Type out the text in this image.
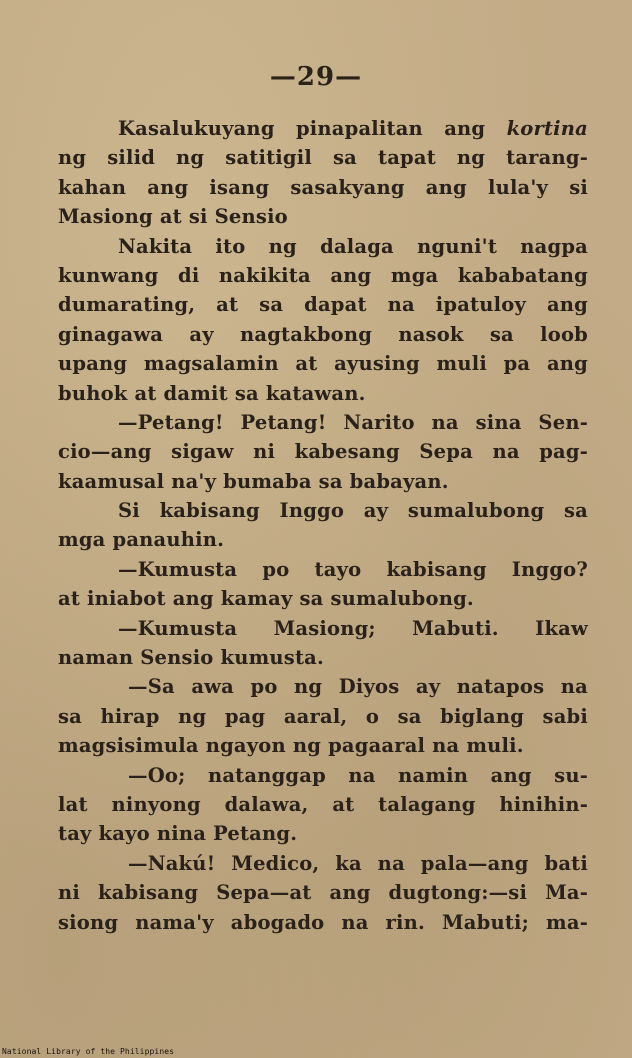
—29—
Kasalukuyang pinapalitan ang kortina
ng silid ng satitigil sa tapat ng tarang-
kahan ang isang sasakyang ang lula'y si
Masiong at si Sensio
Nakita ito ng dalaga nguni't nagpa
kunwang di nakikita ang mga kababatang
dumarating, at sa dapat na ipatuloy ang
ginagawa ay nagtakbong nasok sa loob
upang magsalamin at ayusing muli pa ang
buhok at damit sa katawan.
—Petang! Petang! Narito na sina Sen-
cio—ang sigaw ni kabesang Sepa na pag-
kaamusal na'y bumaba sa babayan.
Si kabisang Inggo ay sumalubong sa
mga panauhin.
—Kumusta po tayo kabisang Inggo?
at iniabot ang kamay sa sumalubong.
—Kumusta Masiong; Mabuti. Ikaw
naman Sensio kumusta.
—Sa awa po ng Diyos ay natapos na
sa hirap ng pag aaral, o sa biglang sabi
magsisimula ngayon ng pagaaral na muli.
—Oo; natanggap na namin ang su-
lat ninyong dalawa, at talagang hinihin-
tay kayo nina Petang.
—Nakú! Medico, ka na pala—ang bati
ni kabisang Sepa—at ang dugtong:—si Ma-
siong nama'y abogado na rin. Mabuti; ma-
National Library of the Philippines
